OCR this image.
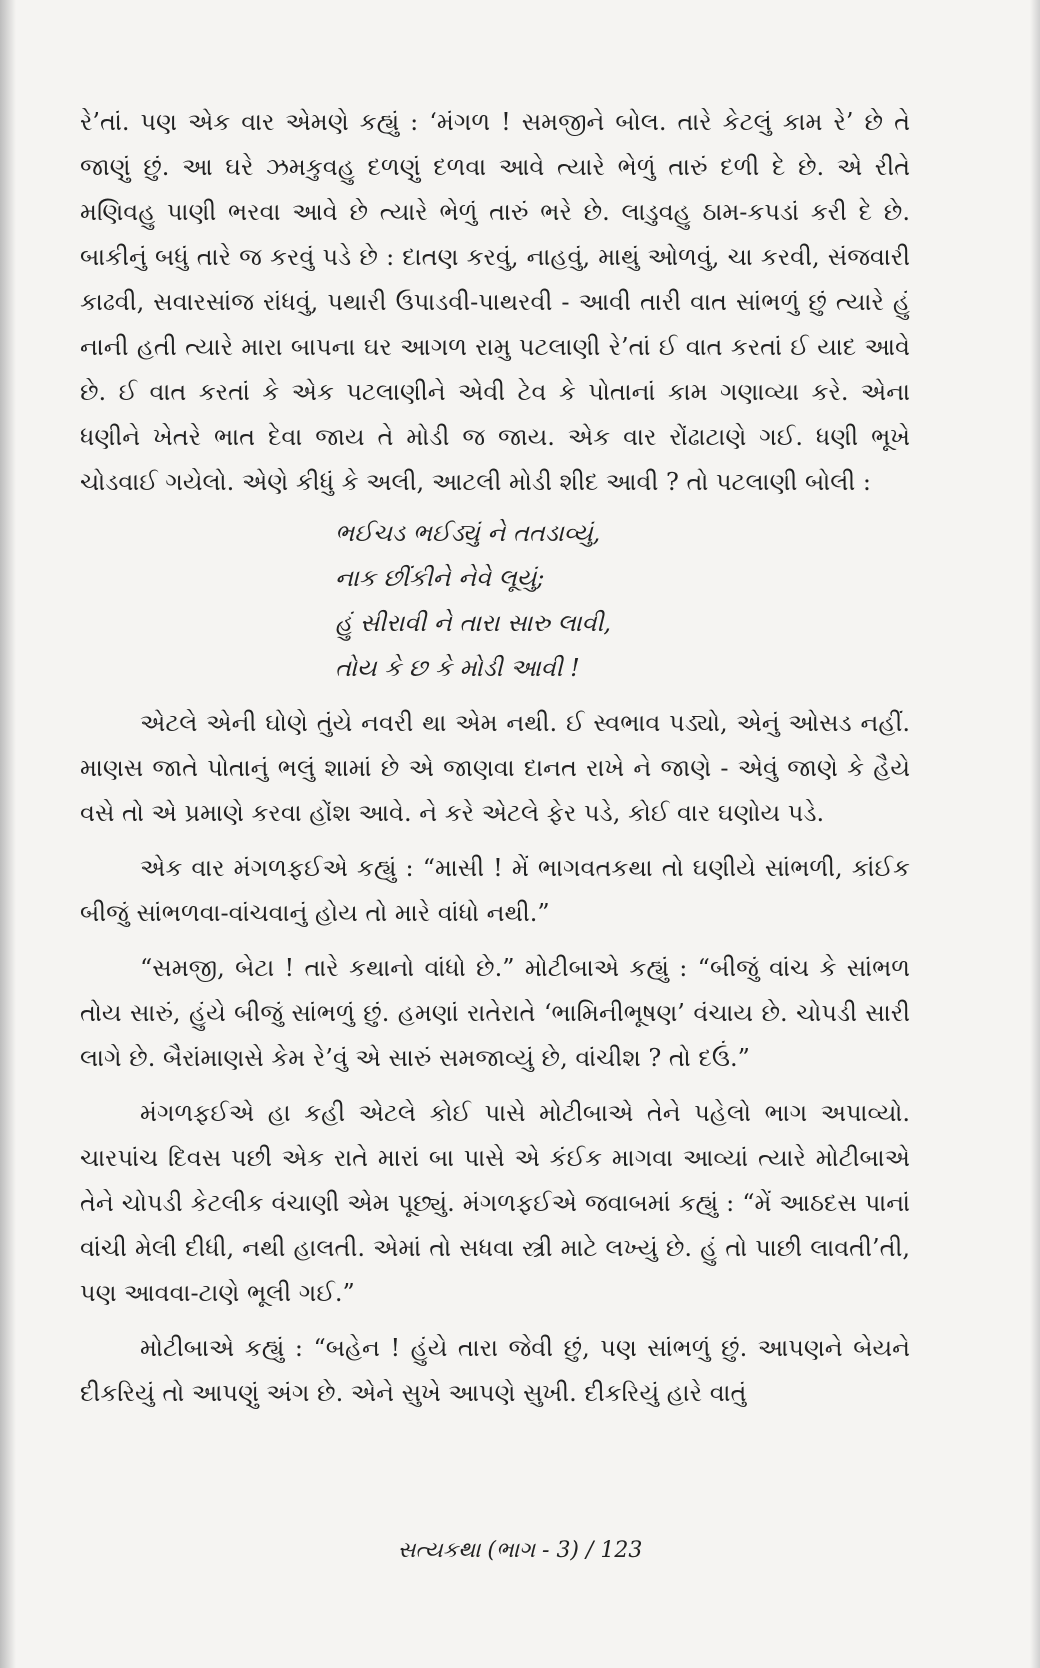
રે’તાં. પણ એક વાર એમણે કહ્યું : ‘મંગળ ! સમજીને બોલ. તારે કેટલું કામ રે’ છે તે જાણું છું. આ ઘરે ઝમકુવહુ દળણું દળવા આવે ત્યારે ભેળું તારું દળી દે છે. એ રીતે મણિવહુ પાણી ભરવા આવે છે ત્યારે ભેળું તારું ભરે છે. લાડુવહુ ઠામ-કપડાં કરી દે છે. બાકીનું બધું તારે જ કરવું પડે છે : દાતણ કરવું, નાહવું, માથું ઓળવું, ચા કરવી, સંજવારી કાઢવી, સવારસાંજ રાંધવું, પથારી ઉપાડવી-પાથરવી - આવી તારી વાત સાંભળું છું ત્યારે હું નાની હતી ત્યારે મારા બાપના ઘર આગળ રામુ પટલાણી રે’તાં ઈ વાત કરતાં ઈ યાદ આવે છે. ઈ વાત કરતાં કે એક પટલાણીને એવી ટેવ કે પોતાનાં કામ ગણાવ્યા કરે. એના ધણીને ખેતરે ભાત દેવા જાય તે મોડી જ જાય. એક વાર રોંઢાટાણે ગઈ. ધણી ભૂખે ચોડવાઈ ગયેલો. એણે કીધું કે અલી, આટલી મોડી શીદ આવી ? તો પટલાણી બોલી :

ભઈચડ ભઈડ્યું ને તતડાવ્યું,
નાક છીંકીને નેવે લૂયું;
હું સીરાવી ને તારા સારુ લાવી,
તોય કે છ કે મોડી આવી !

એટલે એની ઘોણે તુંયે નવરી થા એમ નથી. ઈ સ્વભાવ પડ્યો, એનું ઓસડ નહીં. માણસ જાતે પોતાનું ભલું શામાં છે એ જાણવા દાનત રાખે ને જાણે - એવું જાણે કે હૈયે વસે તો એ પ્રમાણે કરવા હોંશ આવે. ને કરે એટલે ફેર પડે, કોઈ વાર ઘણોય પડે.

એક વાર મંગળફઈએ કહ્યું : “માસી ! મેં ભાગવતકથા તો ઘણીયે સાંભળી, કાંઈક બીજું સાંભળવા-વાંચવાનું હોય તો મારે વાંધો નથી.”

“સમજી, બેટા ! તારે કથાનો વાંધો છે.” મોટીબાએ કહ્યું : “બીજું વાંચ કે સાંભળ તોય સારું, હુંયે બીજું સાંભળું છું. હમણાં રાતેરાતે ‘ભામિનીભૂષણ’ વંચાય છે. ચોપડી સારી લાગે છે. બૈરાંમાણસે કેમ રે’વું એ સારું સમજાવ્યું છે, વાંચીશ ? તો દઉં.”

મંગળફઈએ હા કહી એટલે કોઈ પાસે મોટીબાએ તેને પહેલો ભાગ અપાવ્યો. ચારપાંચ દિવસ પછી એક રાતે મારાં બા પાસે એ કંઈક માગવા આવ્યાં ત્યારે મોટીબાએ તેને ચોપડી કેટલીક વંચાણી એમ પૂછ્યું. મંગળફઈએ જવાબમાં કહ્યું : “મેં આઠદસ પાનાં વાંચી મેલી દીધી, નથી હાલતી. એમાં તો સધવા સ્ત્રી માટે લખ્યું છે. હું તો પાછી લાવતી’તી, પણ આવવા-ટાણે ભૂલી ગઈ.”

મોટીબાએ કહ્યું : “બહેન ! હુંયે તારા જેવી છું, પણ સાંભળું છું. આપણને બેયને દીકરિયું તો આપણું અંગ છે. એને સુખે આપણે સુખી. દીકરિયું હારે વાતું

સત્યકથા (ભાગ - 3) / 123
